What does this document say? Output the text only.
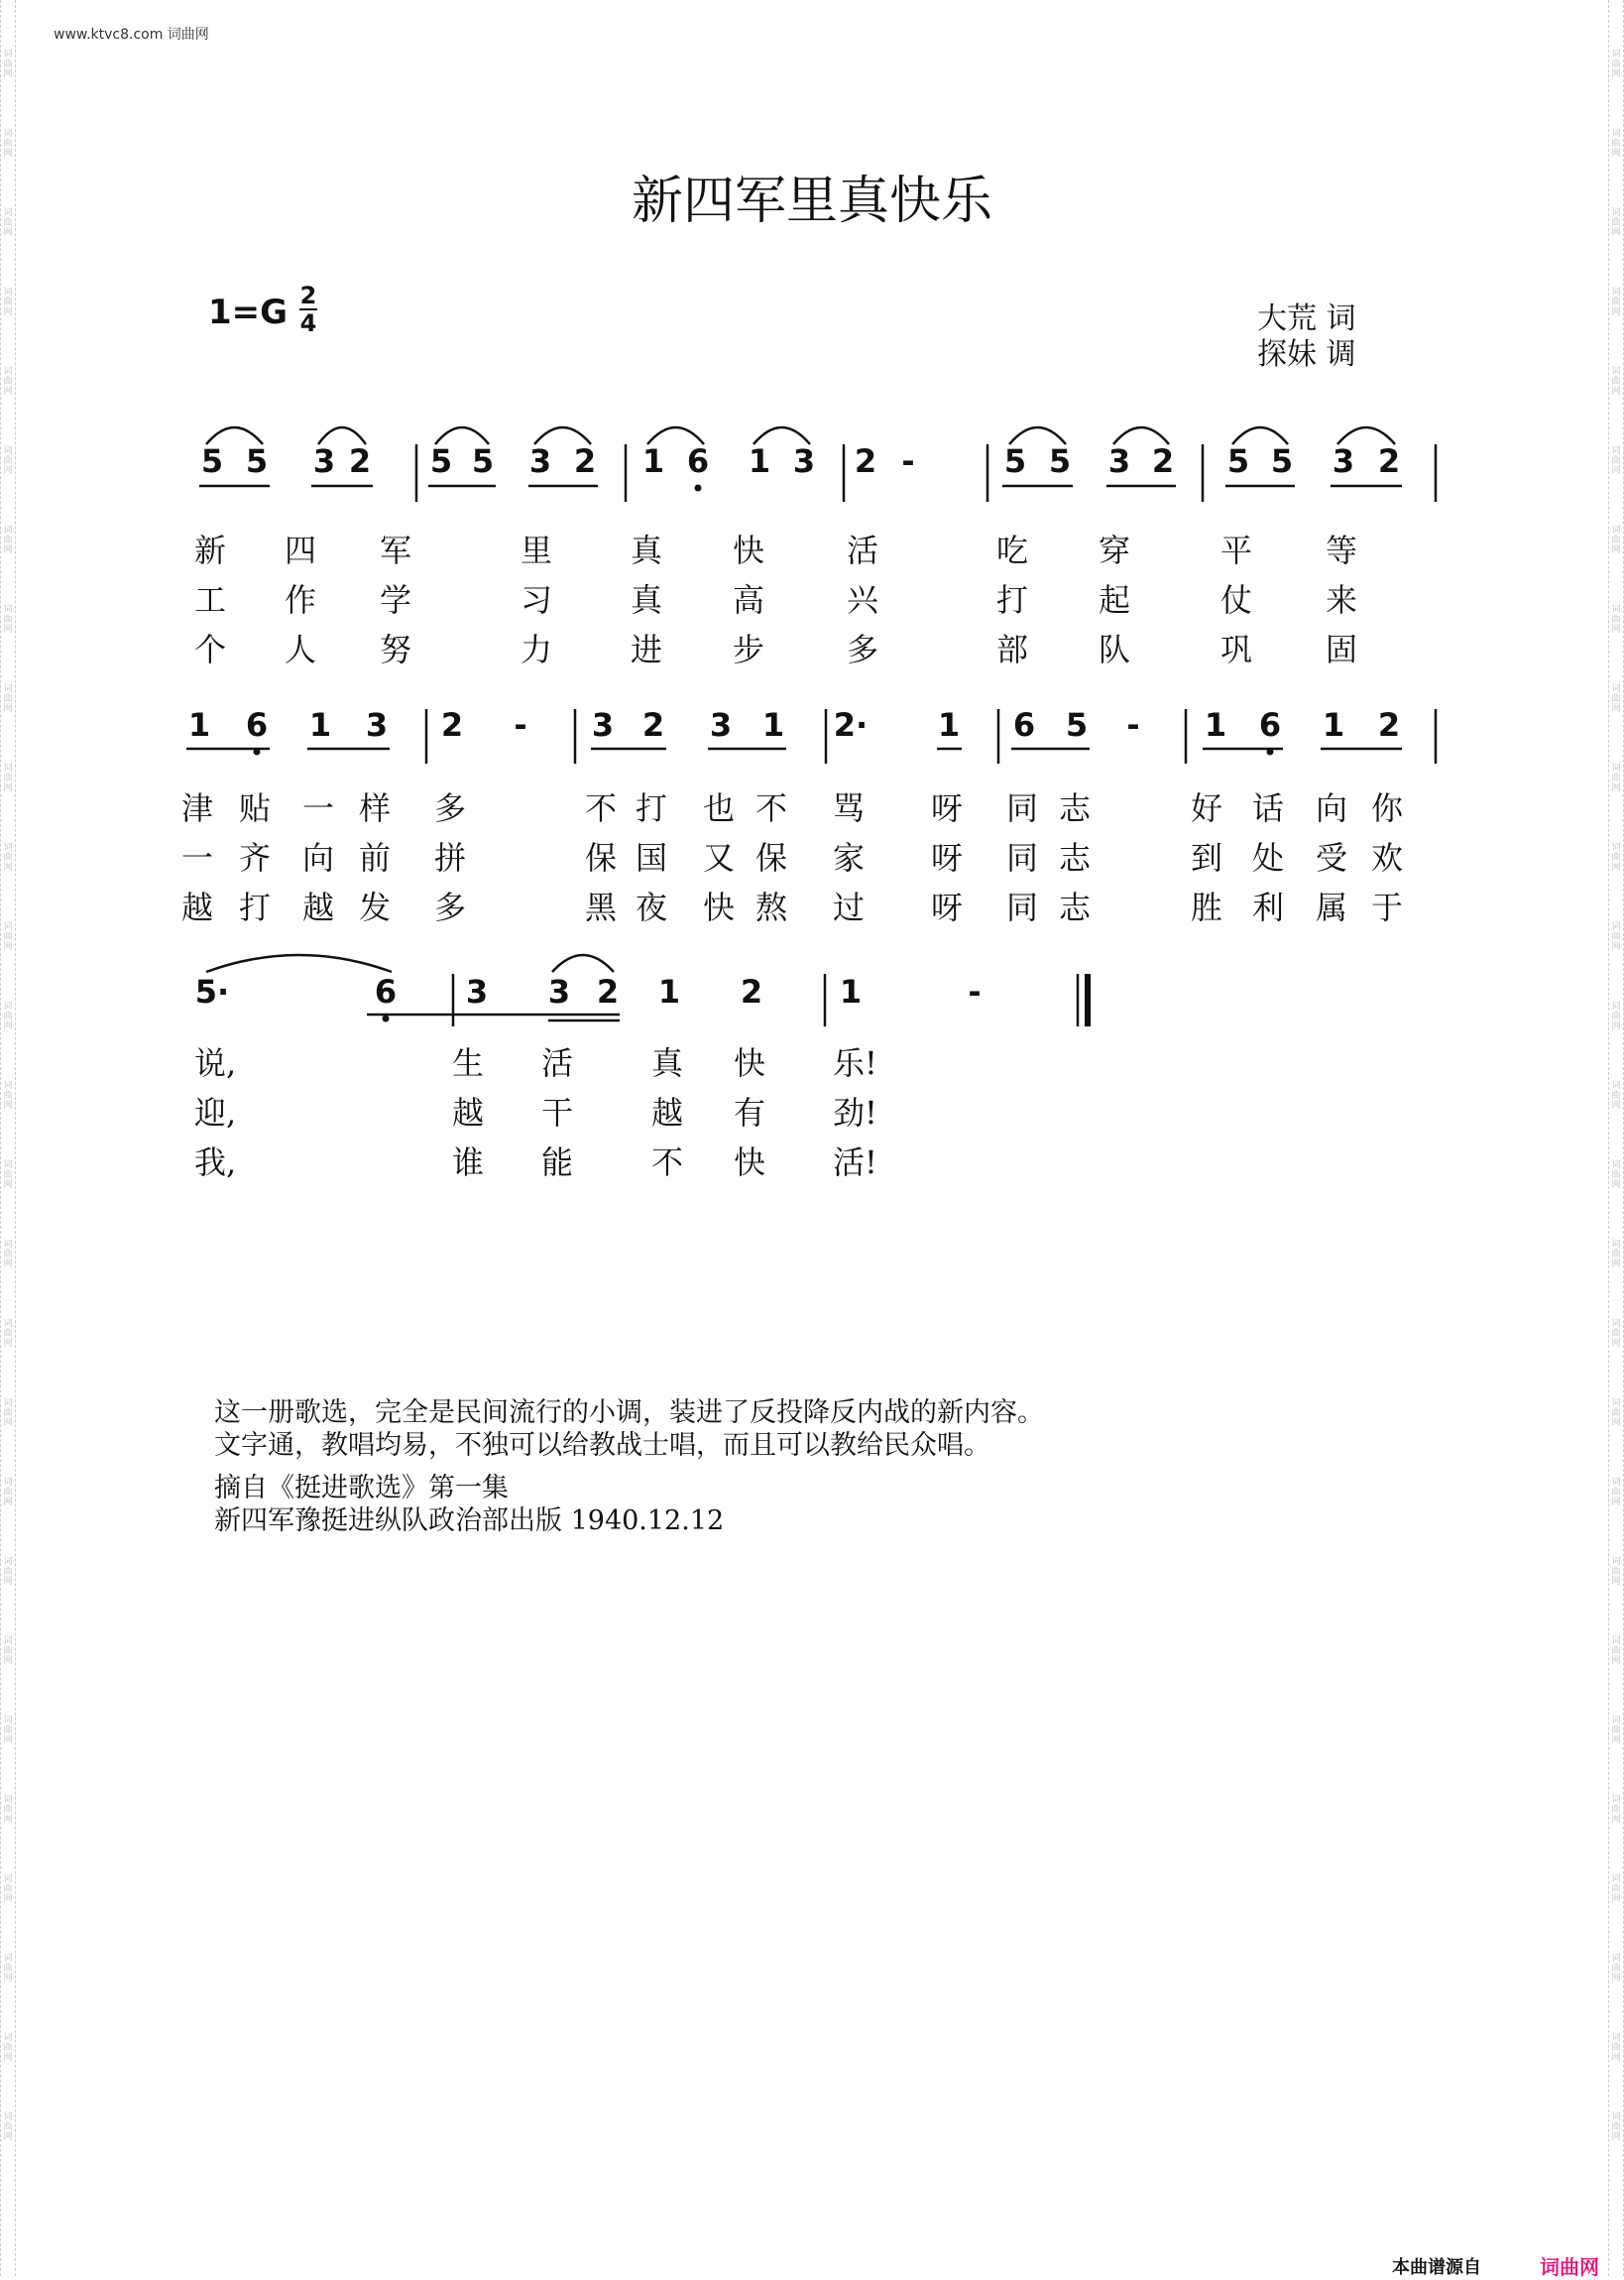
www.ktvc8.com 词曲网
词曲网
词曲网
词曲网
词曲网
词曲网
词曲网
词曲网
词曲网
词曲网
词曲网
词曲网
词曲网
词曲网
词曲网
词曲网
词曲网
词曲网
词曲网
词曲网
词曲网
词曲网
词曲网
词曲网
词曲网
词曲网
词曲网
词曲网
词曲网
词曲网
词曲网
词曲网
词曲网
词曲网
词曲网
词曲网
词曲网
词曲网
词曲网
词曲网
词曲网
词曲网
词曲网
词曲网
词曲网
词曲网
词曲网
词曲网
词曲网
词曲网
词曲网
词曲网
词曲网
词曲网
词曲网
新四军里真快乐
1=G 2
4	大荒 词
探妹 调
5 5 3 2 5 5 3 2 1 6 1 3 2 -	5 5 3 2 5 5 3 2
1 6 1 3 2 - 3 2 3 1 2· 1 6 5 - 1 6 1 2
5·	6 3 3 2 1 2 1	-
新 四 军	里 真 快	活	吃 穿	平 等
工 作 学	习 真 高	兴	打 起	仗 来
个 人 努	力 进 步	多	部 队	巩 固
津 贴 一 样 多	不 打 也 不 骂 呀 同 志	好 话 向 你
一 齐 向 前 拼	保 国 又 保 家 呀 同 志	到 处 受 欢
越 打 越 发 多	黑 夜 快 熬 过 呀 同 志	胜 利 属 于
说,	生 活 真 快 乐!
迎,	越 干 越 有 劲!
我,	谁 能 不 快 活!
这一册歌选，完全是民间流行的小调，装进了反投降反内战的新内容。
文字通，教唱均易，不独可以给教战士唱，而且可以教给民众唱。
摘自《挺进歌选》第一集
新四军豫挺进纵队政治部出版 1940.12.12
本曲谱源自	词曲网
